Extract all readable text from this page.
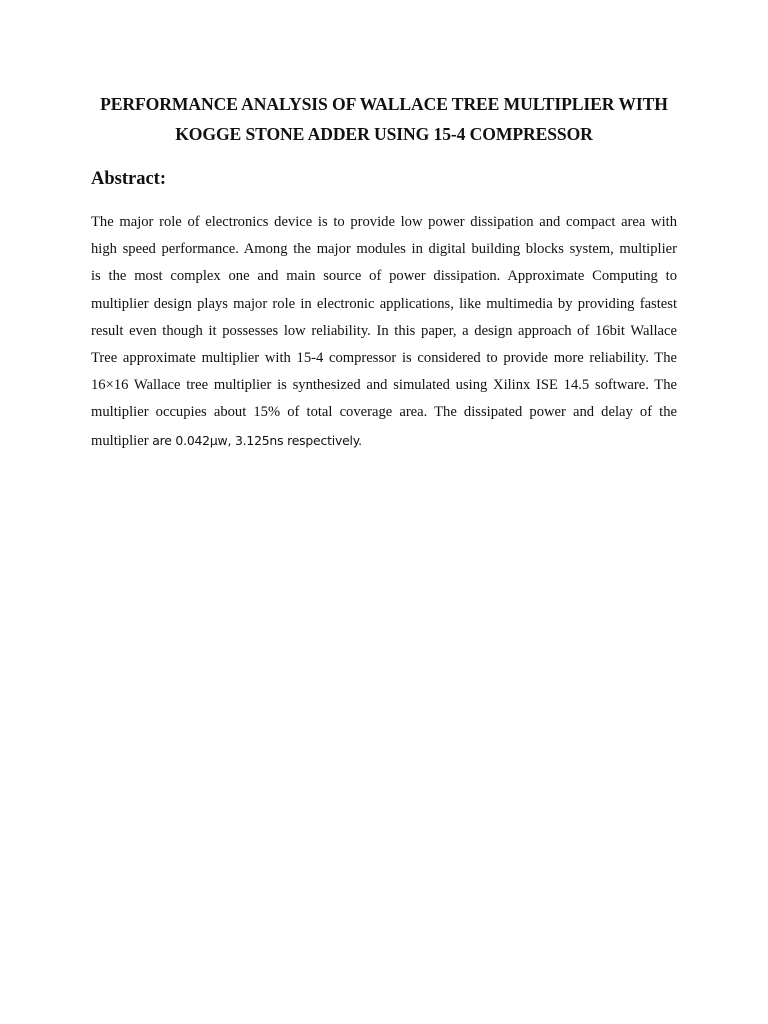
PERFORMANCE ANALYSIS OF WALLACE TREE MULTIPLIER WITH
KOGGE STONE ADDER USING 15-4 COMPRESSOR
Abstract:
The major role of electronics device is to provide low power dissipation and compact area with
high speed performance. Among the major modules in digital building blocks system, multiplier
is the most complex one and main source of power dissipation. Approximate Computing to
multiplier design plays major role in electronic applications, like multimedia by providing fastest
result even though it possesses low reliability. In this paper, a design approach of 16bit Wallace
Tree approximate multiplier with 15-4 compressor is considered to provide more reliability. The
16×16 Wallace tree multiplier is synthesized and simulated using Xilinx ISE 14.5 software. The
multiplier occupies about 15% of total coverage area. The dissipated power and delay of the
multiplier are 0.042μw, 3.125ns respectively.
